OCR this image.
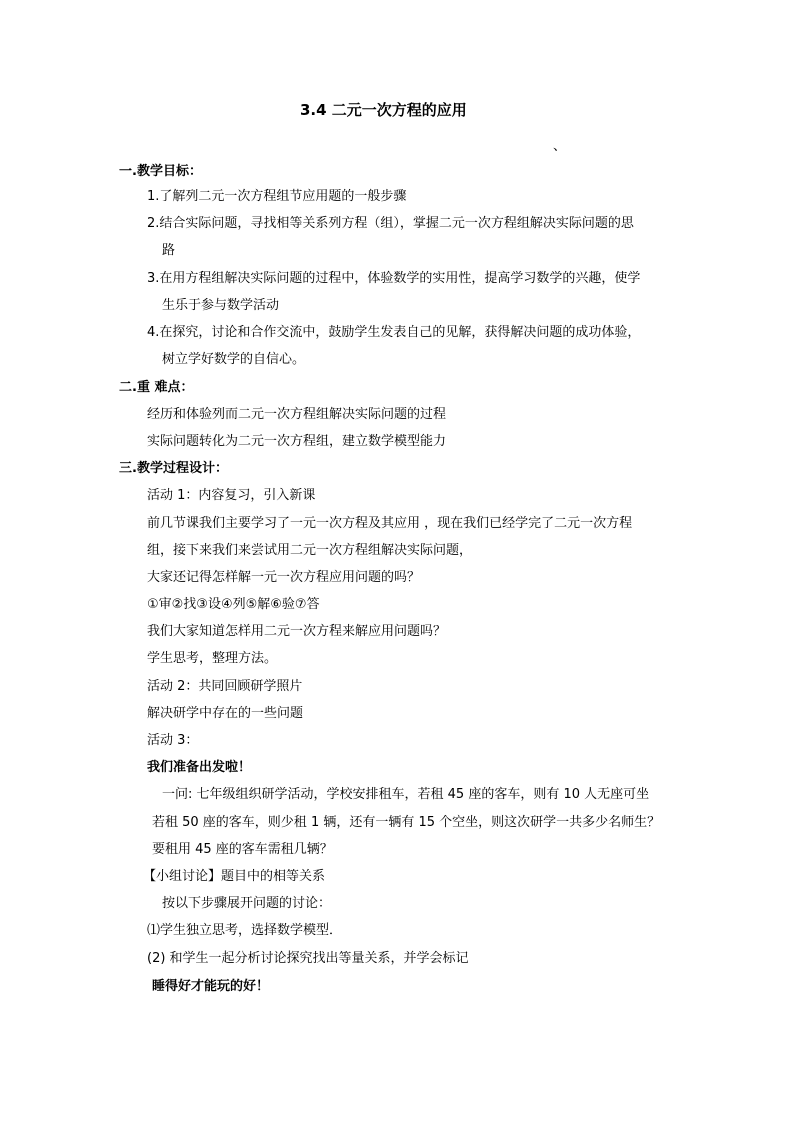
3.4 二元一次方程的应用
、
一.教学目标：
1.了解列二元一次方程组节应用题的一般步骤
2.结合实际问题，寻找相等关系列方程（组），掌握二元一次方程组解决实际问题的思
路
3.在用方程组解决实际问题的过程中，体验数学的实用性，提高学习数学的兴趣，使学
生乐于参与数学活动
4.在探究，讨论和合作交流中，鼓励学生发表自己的见解，获得解决问题的成功体验，
树立学好数学的自信心。
二.重 难点：
经历和体验列而二元一次方程组解决实际问题的过程
实际问题转化为二元一次方程组，建立数学模型能力
三.教学过程设计：
活动 1：内容复习，引入新课
前几节课我们主要学习了一元一次方程及其应用 ，现在我们已经学完了二元一次方程
组，接下来我们来尝试用二元一次方程组解决实际问题，
大家还记得怎样解一元一次方程应用问题的吗？
①审②找③设④列⑤解⑥验⑦答
我们大家知道怎样用二元一次方程来解应用问题吗？
学生思考，整理方法。
活动 2：共同回顾研学照片
解决研学中存在的一些问题
活动 3：
我们准备出发啦！
一问: 七年级组织研学活动，学校安排租车，若租 45 座的客车，则有 10 人无座可坐
若租 50 座的客车，则少租 1 辆，还有一辆有 15 个空坐，则这次研学一共多少名师生？
要租用 45 座的客车需租几辆？
【小组讨论】题目中的相等关系
按以下步骤展开问题的讨论：
⑴学生独立思考，选择数学模型．
(2) 和学生一起分析讨论探究找出等量关系，并学会标记
睡得好才能玩的好！
